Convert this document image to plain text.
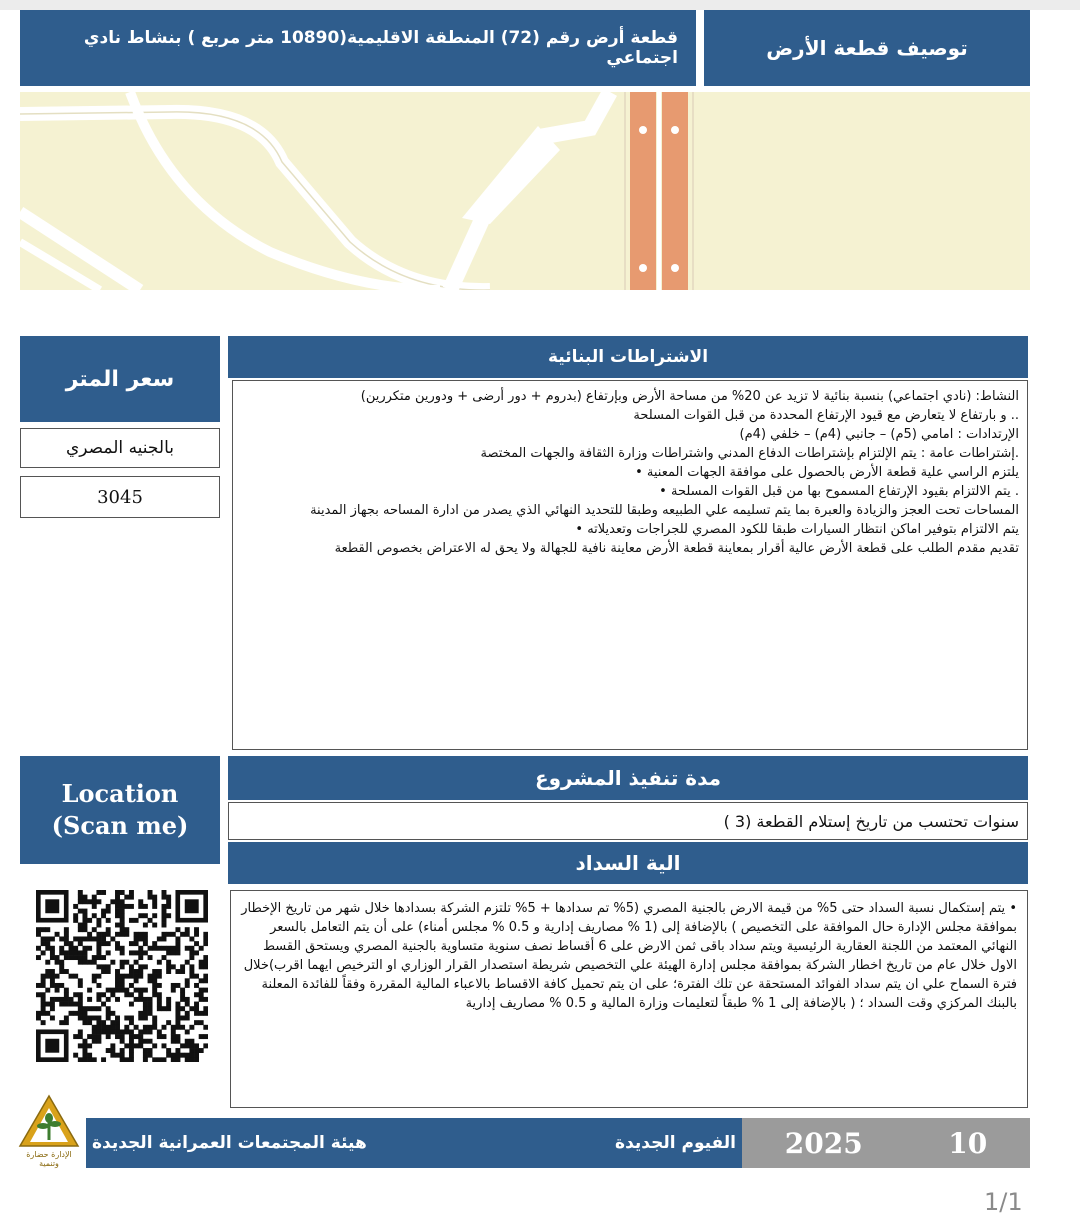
توصيف قطعة الأرض
قطعة أرض رقم (72) المنطقة الاقليمية(10890 متر مربع ) بنشاط نادي اجتماعي
سعر المتر
بالجنيه المصري
3045
الاشتراطات البنائية
النشاط: (نادي اجتماعي) بنسبة بنائية لا تزيد عن 20% من مساحة الأرض وبإرتفاع (بدروم + دور أرضى + ودورين متكررين)
.. و بارتفاع لا يتعارض مع قيود الإرتفاع المحددة من قبل القوات المسلحة
الإرتدادات : امامي (5م) – جانبي (4م) – خلفي (4م)
.إشتراطات عامة : يتم الإلتزام بإشتراطات الدفاع المدني واشتراطات وزارة الثقافة والجهات المختصة
يلتزم الراسي علية قطعة الأرض بالحصول على موافقة الجهات المعنية •
. يتم الالتزام بقيود الإرتفاع المسموح بها من قبل القوات المسلحة •
المساحات تحت العجز والزيادة والعبرة بما يتم تسليمه علي الطبيعه وطبقا للتحديد النهائي الذي يصدر من ادارة المساحه بجهاز المدينة
يتم الالتزام بتوفير اماكن انتظار السيارات طبقا للكود المصري للجراجات وتعديلاته •
تقديم مقدم الطلب على قطعة الأرض عالية أقرار بمعاينة قطعة الأرض معاينة نافية للجهالة ولا يحق له الاعتراض بخصوص القطعة
Location
(Scan me)
مدة تنفيذ المشروع
سنوات تحتسب من تاريخ إستلام القطعة (3 )
الية السداد
• يتم إستكمال نسبة السداد حتى 5% من قيمة الارض بالجنية المصري (5% تم سدادها + 5% تلتزم الشركة بسدادها خلال شهر من تاريخ الإخطار بموافقة مجلس الإدارة حال الموافقة على التخصيص ) بالإضافة إلى (1 % مصاريف إدارية و 0.5 % مجلس أمناء) على أن يتم التعامل بالسعر النهائي المعتمد من اللجنة العقارية الرئيسية ويتم سداد باقى ثمن الارض على 6 أقساط نصف سنوية متساوية بالجنية المصري ويستحق القسط الاول خلال عام من تاريخ اخطار الشركة بموافقة مجلس إدارة الهيئة علي التخصيص شريطة استصدار القرار الوزاري او الترخيص ايهما اقرب)خلال فترة السماح علي ان يتم سداد الفوائد المستحقة عن تلك الفترة؛ على ان يتم تحميل كافة الاقساط بالاعباء المالية المقررة وفقاً للفائدة المعلنة بالبنك المركزي وقت السداد ؛ ( بالإضافة إلى 1 % طبقاً لتعليمات وزارة المالية و 0.5 % مصاريف إدارية
الإدارة حضارة وتنمية
الفيوم الجديدة
هيئة المجتمعات العمرانية الجديدة	2025	10
1/1
